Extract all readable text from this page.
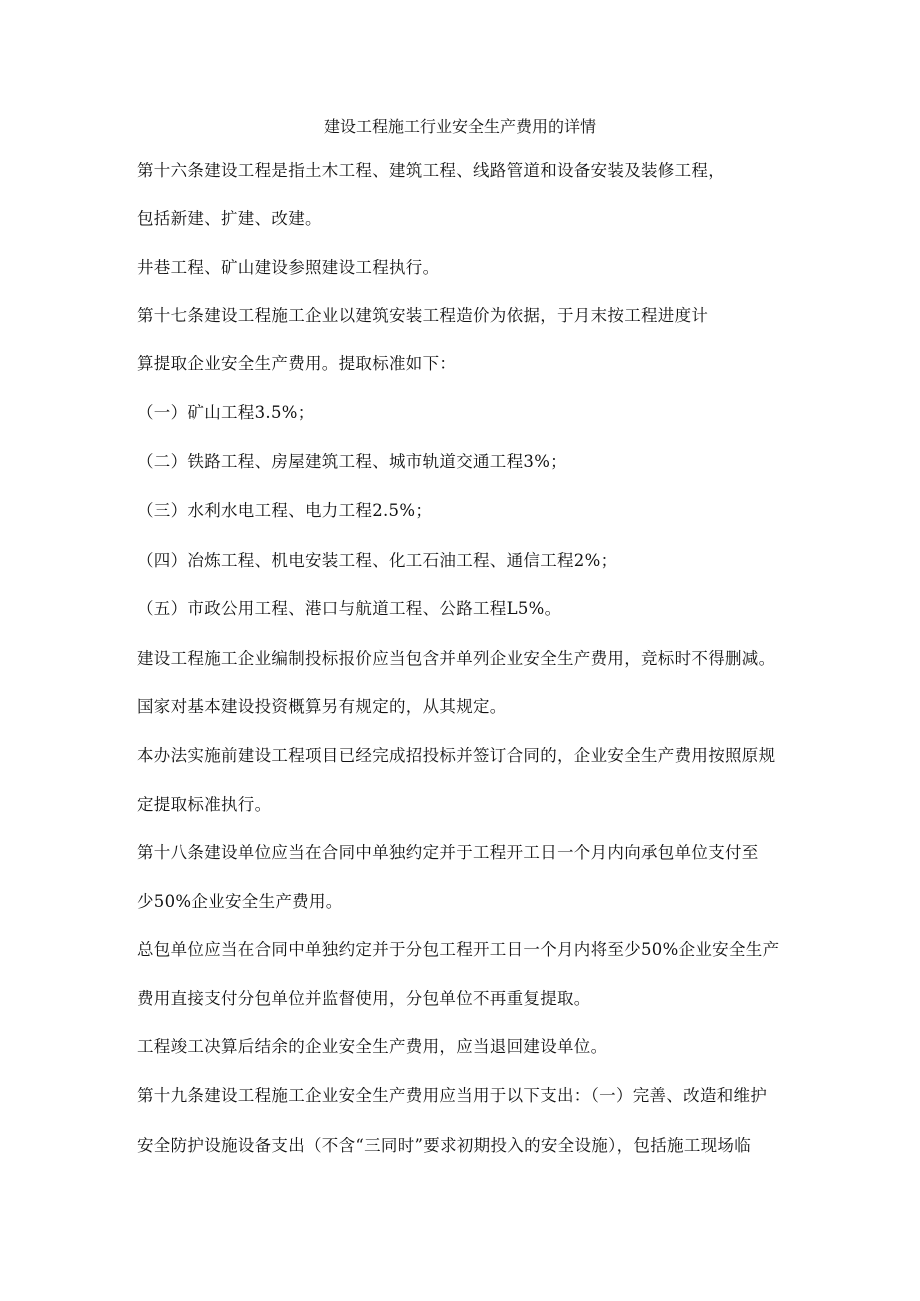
建设工程施工行业安全生产费用的详情
第十六条建设工程是指土木工程、建筑工程、线路管道和设备安装及装修工程，
包括新建、扩建、改建。
井巷工程、矿山建设参照建设工程执行。
第十七条建设工程施工企业以建筑安装工程造价为依据，于月末按工程进度计
算提取企业安全生产费用。提取标准如下：
（一）矿山工程3.5%；
（二）铁路工程、房屋建筑工程、城市轨道交通工程3%；
（三）水利水电工程、电力工程2.5%；
（四）冶炼工程、机电安装工程、化工石油工程、通信工程2%；
（五）市政公用工程、港口与航道工程、公路工程L5%。
建设工程施工企业编制投标报价应当包含并单列企业安全生产费用，竞标时不得删减。
国家对基本建设投资概算另有规定的，从其规定。
本办法实施前建设工程项目已经完成招投标并签订合同的，企业安全生产费用按照原规
定提取标准执行。
第十八条建设单位应当在合同中单独约定并于工程开工日一个月内向承包单位支付至
少50%企业安全生产费用。
总包单位应当在合同中单独约定并于分包工程开工日一个月内将至少50%企业安全生产
费用直接支付分包单位并监督使用，分包单位不再重复提取。
工程竣工决算后结余的企业安全生产费用，应当退回建设单位。
第十九条建设工程施工企业安全生产费用应当用于以下支出：（一）完善、改造和维护
安全防护设施设备支出（不含“三同时”要求初期投入的安全设施），包括施工现场临
